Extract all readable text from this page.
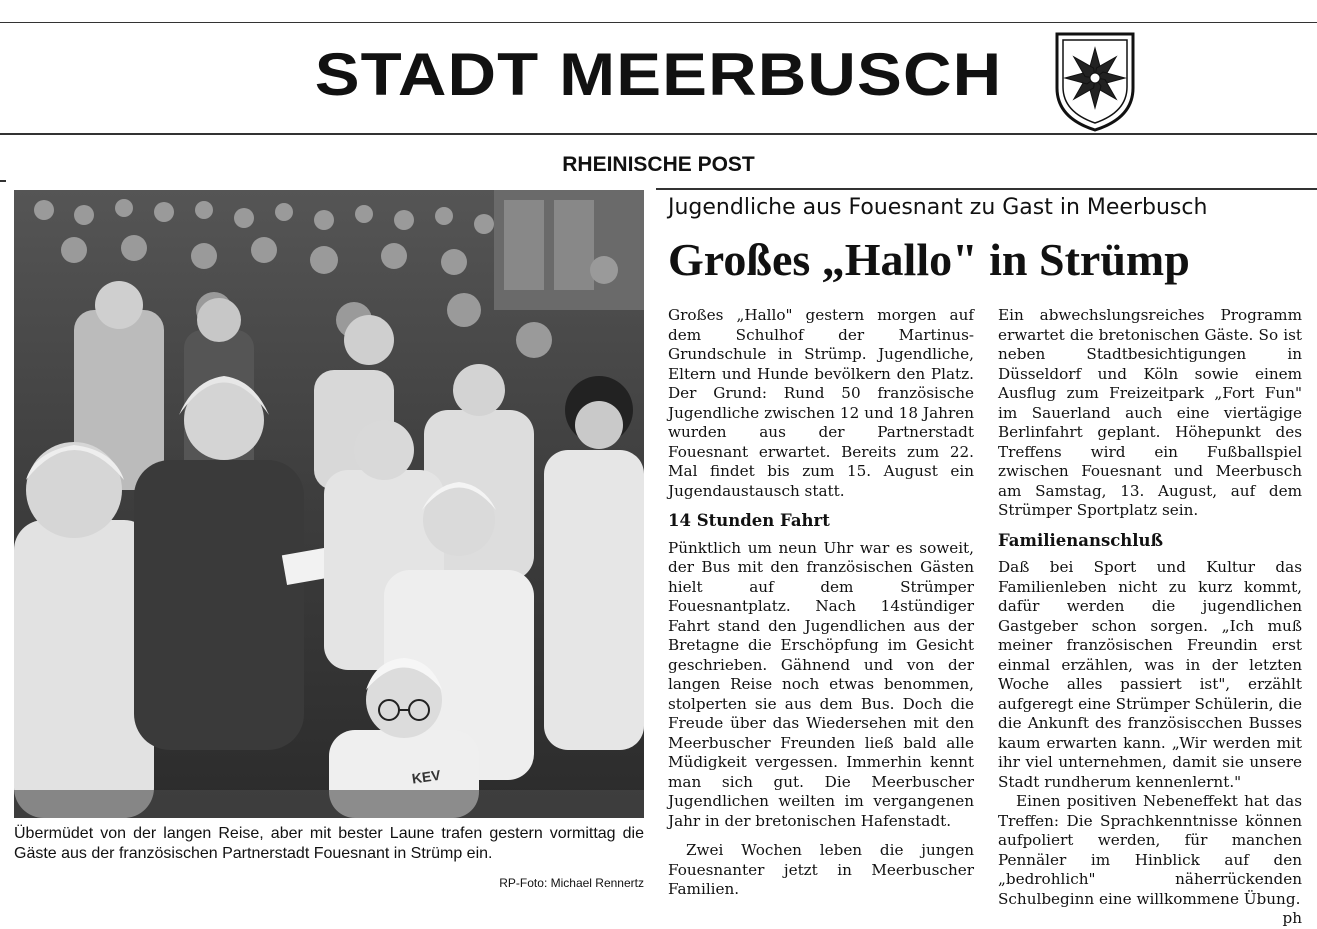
STADT MEERBUSCH
RHEINISCHE POST
KEV
Übermüdet von der langen Reise, aber mit bester Laune trafen gestern vormittag die Gäste aus der französischen Partnerstadt Fouesnant in Strümp ein.
RP-Foto: Michael Rennertz
Jugendliche aus Fouesnant zu Gast in Meerbusch
Großes „Hallo" in Strümp

Großes „Hallo" gestern morgen auf dem Schulhof der Martinus-Grundschule in Strümp. Jugendliche, Eltern und Hunde bevölkern den Platz. Der Grund: Rund 50 französische Jugendliche zwischen 12 und 18 Jahren wurden aus der Partnerstadt Fouesnant erwartet. Bereits zum 22. Mal findet bis zum 15. August ein Jugendaustausch statt.

14 Stunden Fahrt

Pünktlich um neun Uhr war es soweit, der Bus mit den französischen Gästen hielt auf dem Strümper Fouesnantplatz. Nach 14stündiger Fahrt stand den Jugendlichen aus der Bretagne die Erschöpfung im Gesicht geschrieben. Gähnend und von der langen Reise noch etwas benommen, stolperten sie aus dem Bus. Doch die Freude über das Wiedersehen mit den Meerbuscher Freunden ließ bald alle Müdigkeit vergessen. Immerhin kennt man sich gut. Die Meerbuscher Jugendlichen weilten im vergangenen Jahr in der bretonischen Hafenstadt.

Zwei Wochen leben die jungen Fouesnanter jetzt in Meerbuscher Familien.

Ein abwechslungsreiches Programm erwartet die bretonischen Gäste. So ist neben Stadtbesichtigungen in Düsseldorf und Köln sowie einem Ausflug zum Freizeitpark „Fort Fun" im Sauerland auch eine viertägige Berlinfahrt geplant. Höhepunkt des Treffens wird ein Fußballspiel zwischen Fouesnant und Meerbusch am Samstag, 13. August, auf dem Strümper Sportplatz sein.

Familienanschluß

Daß bei Sport und Kultur das Familienleben nicht zu kurz kommt, dafür werden die jugendlichen Gastgeber schon sorgen. „Ich muß meiner französischen Freundin erst einmal erzählen, was in der letzten Woche alles passiert ist", erzählt aufgeregt eine Strümper Schülerin, die die Ankunft des französiscchen Busses kaum erwarten kann. „Wir werden mit ihr viel unternehmen, damit sie unsere Stadt rundherum kennenlernt."

Einen positiven Nebeneffekt hat das Treffen: Die Sprachkenntnisse können aufpoliert werden, für manchen Pennäler im Hinblick auf den „bedrohlich" näherrückenden Schulbeginn eine willkommene Übung.

ph
